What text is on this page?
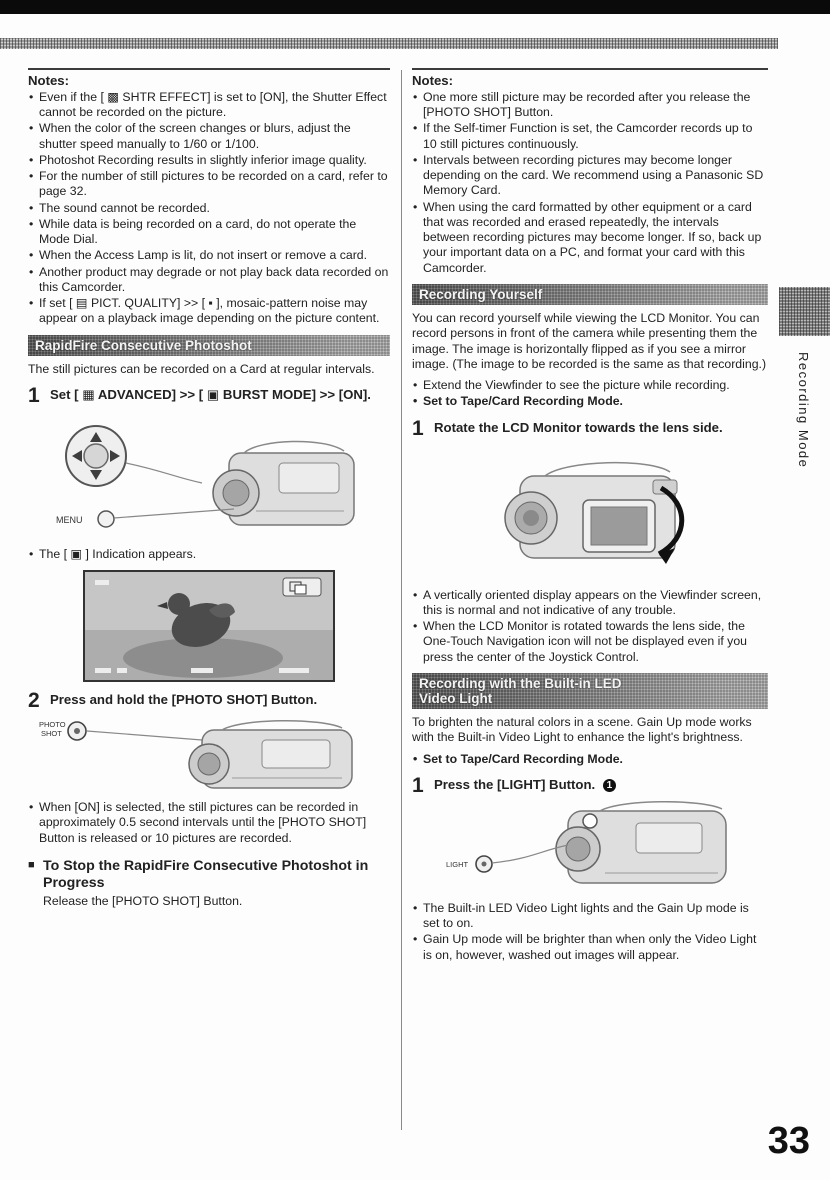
Notes:
• Even if the [ ▩ SHTR EFFECT] is set to [ON], the Shutter Effect cannot be recorded on the picture.
• When the color of the screen changes or blurs, adjust the shutter speed manually to 1/60 or 1/100.
• Photoshot Recording results in slightly inferior image quality.
• For the number of still pictures to be recorded on a card, refer to page 32.
• The sound cannot be recorded.
• While data is being recorded on a card, do not operate the Mode Dial.
• When the Access Lamp is lit, do not insert or remove a card.
• Another product may degrade or not play back data recorded on this Camcorder.
• If set [ ▤ PICT. QUALITY] >> [ ▪ ], mosaic-pattern noise may appear on a playback image depending on the picture content.
RapidFire Consecutive Photoshot

The still pictures can be recorded on a Card at regular intervals.

1 Set [ ▦ ADVANCED] >> [ ▣ BURST MODE] >> [ON].
MENU
• The [ ▣ ] Indication appears.
2 Press and hold the [PHOTO SHOT] Button.
PHOTO
SHOT
• When [ON] is selected, the still pictures can be recorded in approximately 0.5 second intervals until the [PHOTO SHOT] Button is released or 10 pictures are recorded.
■ To Stop the RapidFire Consecutive Photoshot in Progress

Release the [PHOTO SHOT] Button.

Notes:
• One more still picture may be recorded after you release the [PHOTO SHOT] Button.
• If the Self-timer Function is set, the Camcorder records up to 10 still pictures continuously.
• Intervals between recording pictures may become longer depending on the card. We recommend using a Panasonic SD Memory Card.
• When using the card formatted by other equipment or a card that was recorded and erased repeatedly, the intervals between recording pictures may become longer. If so, back up your important data on a PC, and format your card with this Camcorder.
Recording Yourself

You can record yourself while viewing the LCD Monitor. You can record persons in front of the camera while presenting them the image. The image is horizontally flipped as if you see a mirror image. (The image to be recorded is the same as that recording.)

• Extend the Viewfinder to see the picture while recording.
• Set to Tape/Card Recording Mode.
1 Rotate the LCD Monitor towards the lens side.
• A vertically oriented display appears on the Viewfinder screen, this is normal and not indicative of any trouble.
• When the LCD Monitor is rotated towards the lens side, the One-Touch Navigation icon will not be displayed even if you press the center of the Joystick Control.
Recording with the Built-in LED
Video Light

To brighten the natural colors in a scene. Gain Up mode works with the Built-in Video Light to enhance the light's brightness.

• Set to Tape/Card Recording Mode.
1 Press the [LIGHT] Button. 1
LIGHT
• The Built-in LED Video Light lights and the Gain Up mode is set to on.
• Gain Up mode will be brighter than when only the Video Light is on, however, washed out images will appear.
Recording Mode
33
